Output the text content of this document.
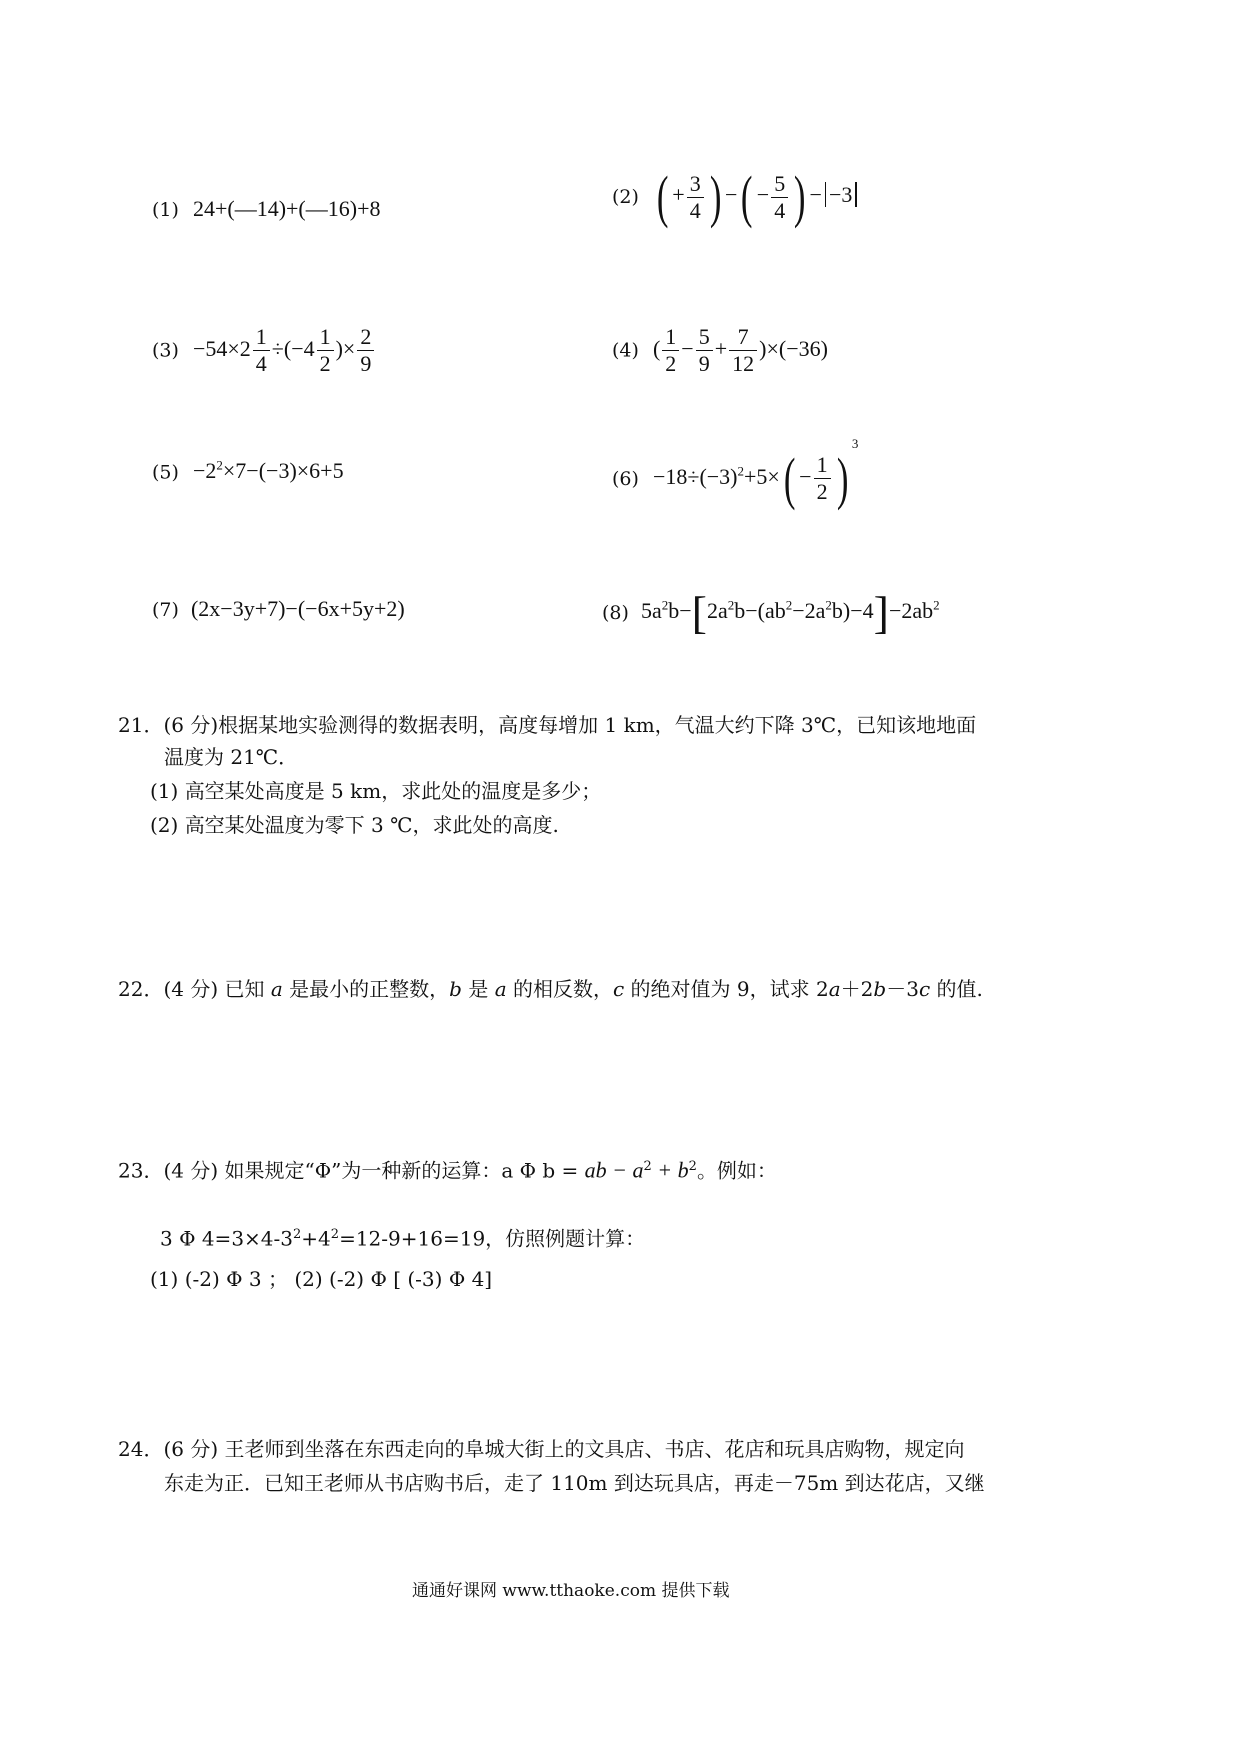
(1) 24+(—14)+(—16)+8	(2) ( + $\frac{3}{4}$ ) −( − $\frac{5}{4}$ ) − −3
$(3) -54\times 2 \frac{1}{4} \div(-4 \frac{1}{2}$ )× $\frac{2}{9}$	(4) ( $\frac{1}{2} - \frac{5}{9} + \frac{7}{12} )\times(-36)$
$(5) -2^2\times 7-(-3)\times 6+5$	$(6) -18\div(-3)^2+5\times( - \frac{1}{2} )^3$
(7) (2x−3y+7)−(−6x+5y+2)	(8) $5a^2b-[2a^2b-(ab^2-2a^2b)-4]-2ab^2$
21．(6 分)根据某地实验测得的数据表明，高度每增加 1 km，气温大约下降 3℃，已知该地地面
温度为 21℃．
(1) 高空某处高度是 5 km，求此处的温度是多少；
(2) 高空某处温度为零下 3 ℃，求此处的高度.
22．(4 分) 已知 a 是最小的正整数，b 是 a 的相反数，c 的绝对值为 9，试求 2a＋2b－3c 的值.
23．(4 分) 如果规定“Φ”为一种新的运算：a Φ b = ab − $a^2 + b^2$。例如：
3 Φ $4=3\times 4-3^2+4^2=12-9+16=19$，仿照例题计算：
(1) (-2) Φ 3 ； (2) (-2) Φ [ (-3) Φ 4]
24．(6 分) 王老师到坐落在东西走向的阜城大街上的文具店、书店、花店和玩具店购物，规定向
东走为正．已知王老师从书店购书后，走了 110m 到达玩具店，再走－75m 到达花店，又继
通通好课网 www.tthaoke.com 提供下载
